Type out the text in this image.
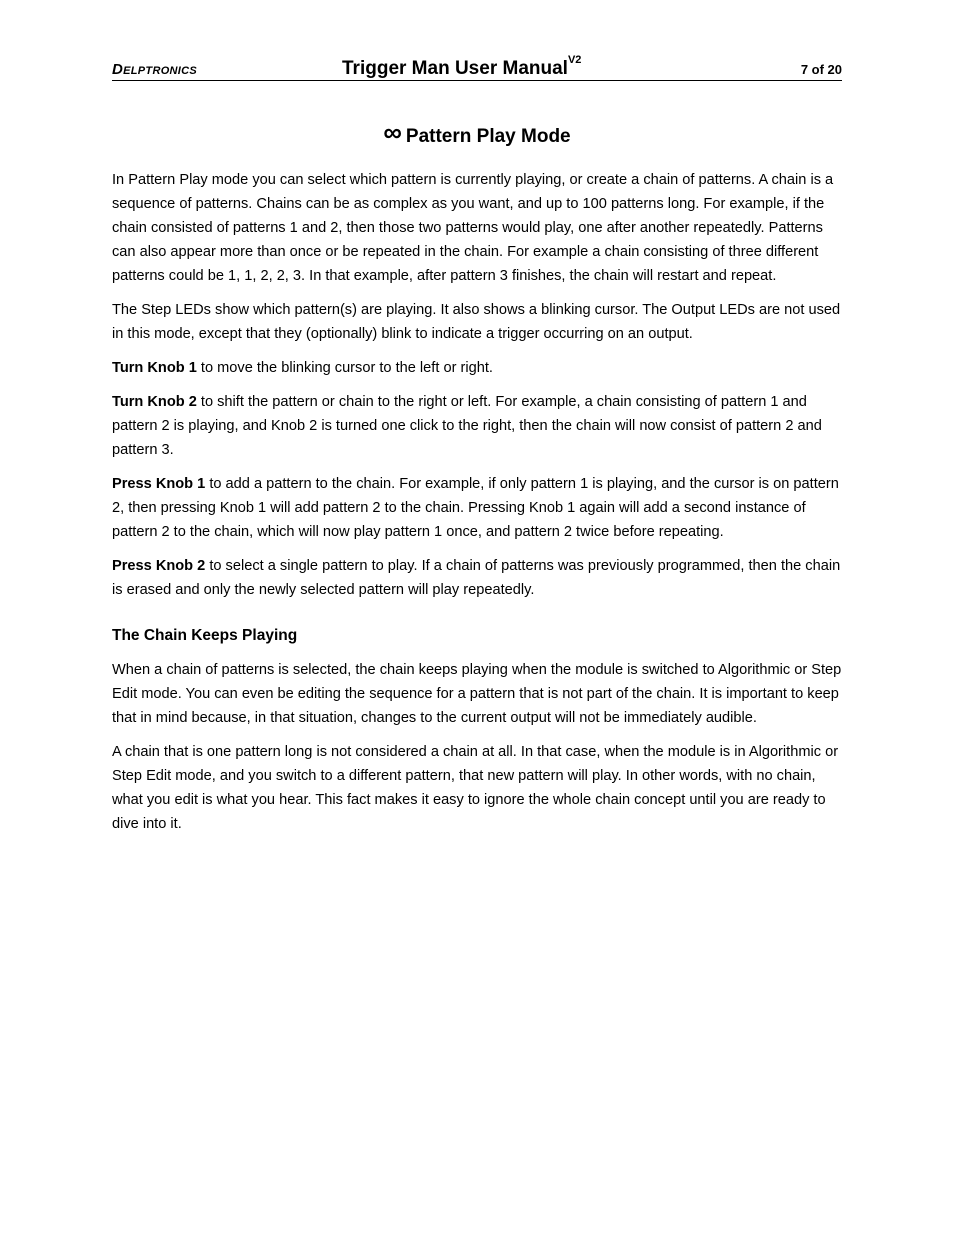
Delptronics	Trigger Man User Manual$^{V2}$
7 of 20
∞ Pattern Play Mode

In Pattern Play mode you can select which pattern is currently playing, or create a chain of patterns. A chain is a sequence of patterns. Chains can be as complex as you want, and up to 100 patterns long. For example, if the chain consisted of patterns 1 and 2, then those two patterns would play, one after another repeatedly. Patterns can also appear more than once or be repeated in the chain. For example a chain consisting of three different patterns could be 1, 1, 2, 2, 3. In that example, after pattern 3 finishes, the chain will restart and repeat.

The Step LEDs show which pattern(s) are playing. It also shows a blinking cursor. The Output LEDs are not used in this mode, except that they (optionally) blink to indicate a trigger occurring on an output.

Turn Knob 1 to move the blinking cursor to the left or right.

Turn Knob 2 to shift the pattern or chain to the right or left. For example, a chain consisting of pattern 1 and pattern 2 is playing, and Knob 2 is turned one click to the right, then the chain will now consist of pattern 2 and pattern 3.

Press Knob 1 to add a pattern to the chain. For example, if only pattern 1 is playing, and the cursor is on pattern 2, then pressing Knob 1 will add pattern 2 to the chain. Pressing Knob 1 again will add a second instance of pattern 2 to the chain, which will now play pattern 1 once, and pattern 2 twice before repeating.

Press Knob 2 to select a single pattern to play. If a chain of patterns was previously programmed, then the chain is erased and only the newly selected pattern will play repeatedly.

The Chain Keeps Playing

When a chain of patterns is selected, the chain keeps playing when the module is switched to Algorithmic or Step Edit mode. You can even be editing the sequence for a pattern that is not part of the chain. It is important to keep that in mind because, in that situation, changes to the current output will not be immediately audible.

A chain that is one pattern long is not considered a chain at all. In that case, when the module is in Algorithmic or Step Edit mode, and you switch to a different pattern, that new pattern will play. In other words, with no chain, what you edit is what you hear. This fact makes it easy to ignore the whole chain concept until you are ready to dive into it.
